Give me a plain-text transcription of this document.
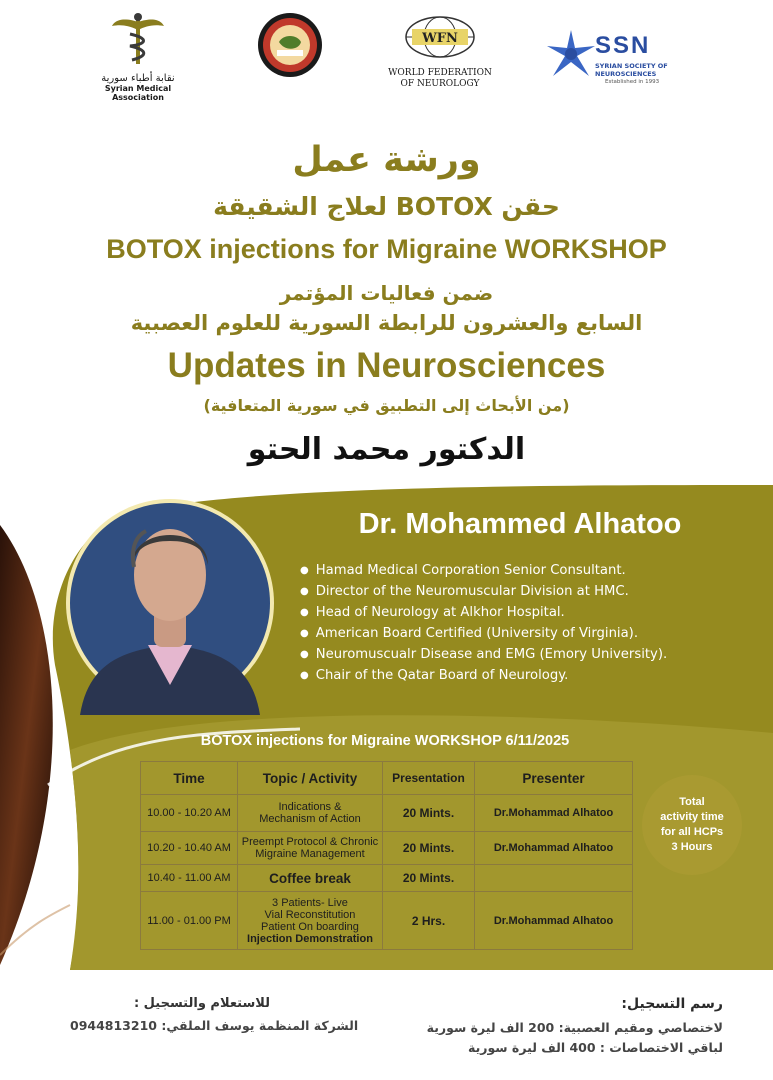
نقابة أطباء سورية
Syrian Medical Association
WFN
WORLD FEDERATION
OF NEUROLOGY
SSN
SYRIAN SOCIETY OF
NEUROSCIENCES
Established in 1993
ورشة عمل
حقن BOTOX لعلاج الشقيقة
BOTOX injections for Migraine WORKSHOP
ضمن فعاليات المؤتمر
السابع والعشرون للرابطة السورية للعلوم العصبية
Updates in Neurosciences
(من الأبحاث إلى التطبيق في سورية المتعافية)
الدكتور محمد الحتو
Dr. Mohammed Alhatoo
● Hamad Medical Corporation Senior Consultant.
● Director of the Neuromuscular Division at HMC.
● Head of Neurology at Alkhor Hospital.
● American Board Certified (University of Virginia).
● Neuromuscualr Disease and EMG (Emory University).
● Chair of the Qatar Board of Neurology.
BOTOX injections for Migraine WORKSHOP 6/11/2025
Time	Topic / Activity	Presentation	Presenter
10.00 - 10.20 AM	Indications &
Mechanism of Action	20 Mints.	Dr.Mohammad Alhatoo
10.20 - 10.40 AM	Preempt Protocol & Chronic
Migraine Management	20 Mints.	Dr.Mohammad Alhatoo
10.40 - 11.00 AM	Coffee break	20 Mints.	
11.00 - 01.00 PM	3 Patients- Live
Vial Reconstitution
Patient On boarding
Injection Demonstration	2 Hrs.	Dr.Mohammad Alhatoo
Total
activity time
for all HCPs
3 Hours
للاستعلام والتسجيل :
الشركة المنظمة يوسف الملقي: 0944813210
رسم التسجيل:
لاختصاصي ومقيم العصبية: 200 الف ليرة سورية
لباقي الاختصاصات : 400 الف ليرة سورية
